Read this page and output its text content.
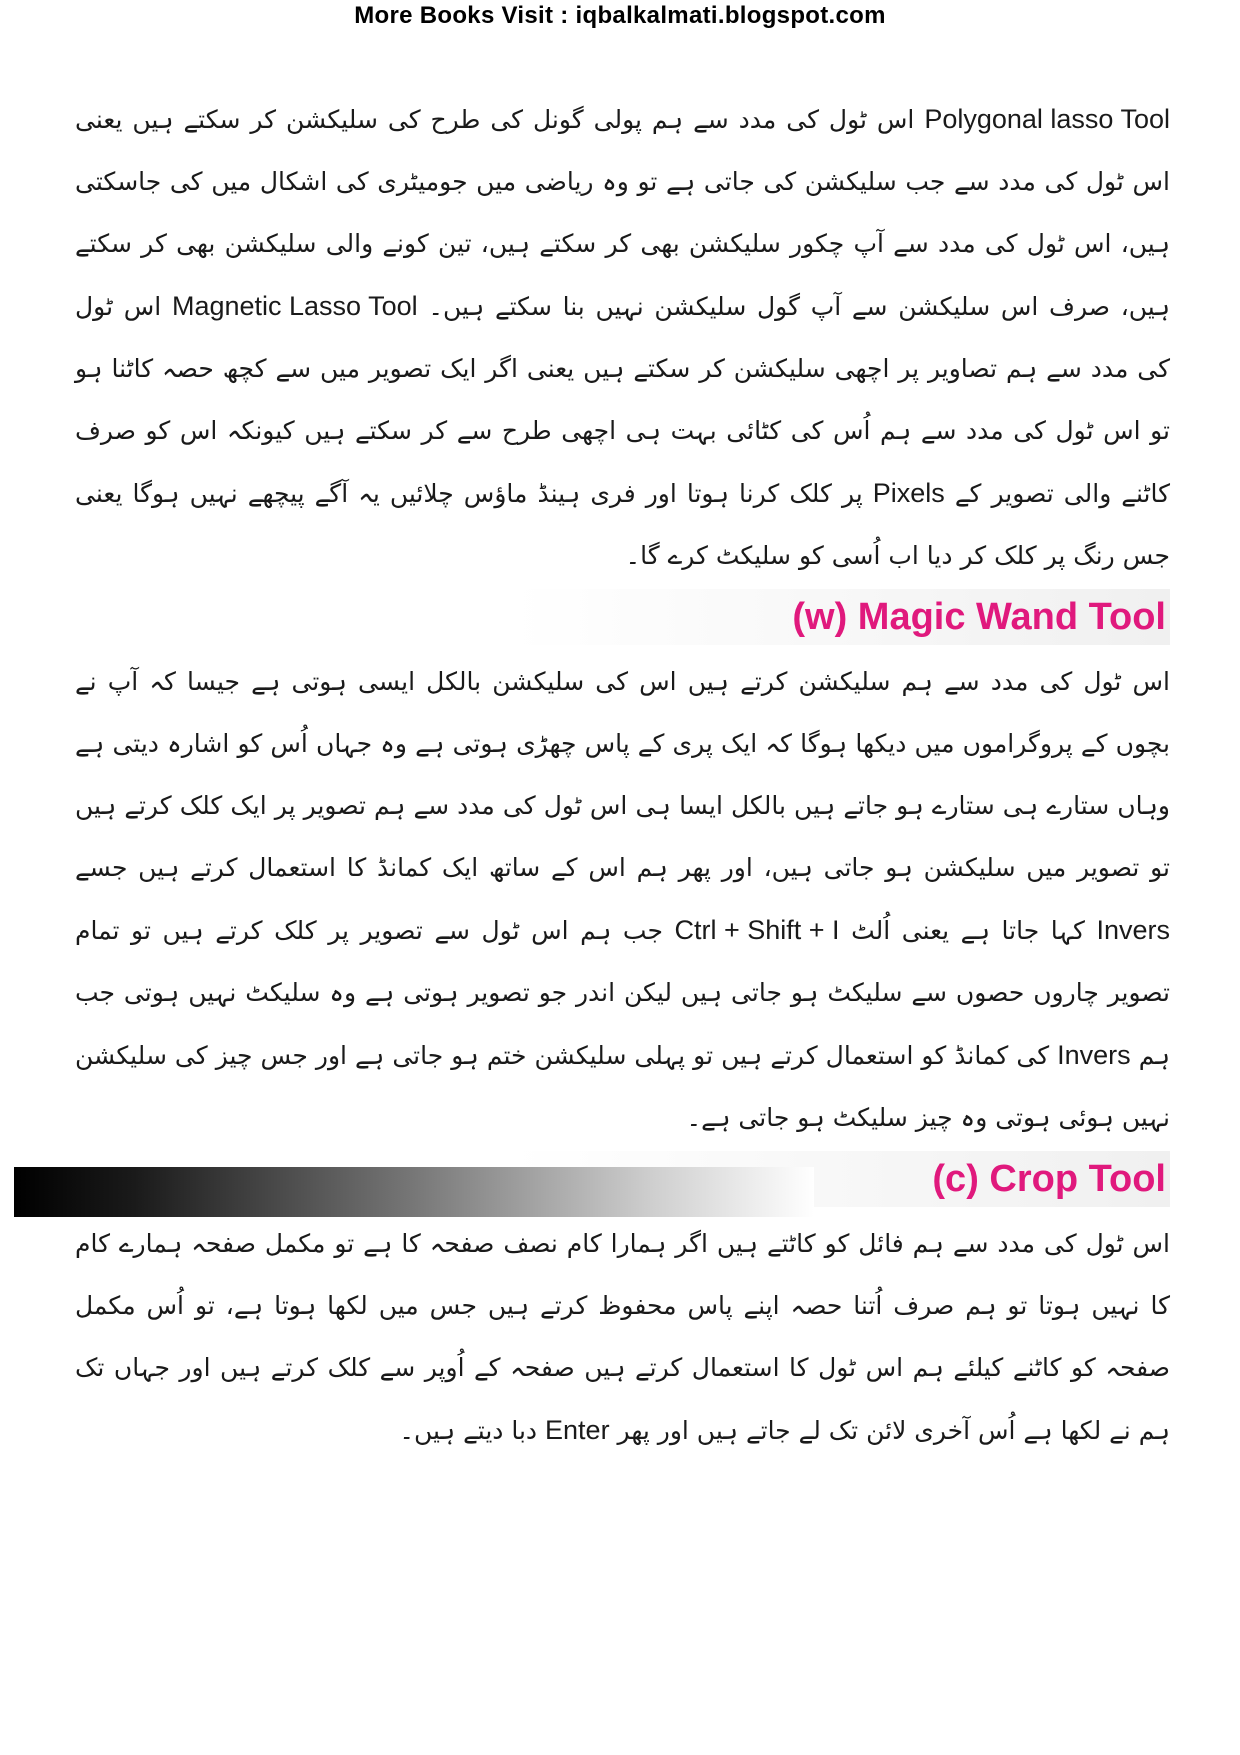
More Books Visit : iqbalkalmati.blogspot.com

Polygonal lasso Tool اس ٹول کی مدد سے ہم پولی گونل کی طرح کی سلیکشن کر سکتے ہیں یعنی اس ٹول کی مدد سے جب سلیکشن کی جاتی ہے تو وہ ریاضی میں جومیٹری کی اشکال میں کی جاسکتی ہیں، اس ٹول کی مدد سے آپ چکور سلیکشن بھی کر سکتے ہیں، تین کونے والی سلیکشن بھی کر سکتے ہیں، صرف اس سلیکشن سے آپ گول سلیکشن نہیں بنا سکتے ہیں۔ Magnetic Lasso Tool اس ٹول کی مدد سے ہم تصاویر پر اچھی سلیکشن کر سکتے ہیں یعنی اگر ایک تصویر میں سے کچھ حصہ کاٹنا ہو تو اس ٹول کی مدد سے ہم اُس کی کٹائی بہت ہی اچھی طرح سے کر سکتے ہیں کیونکہ اس کو صرف کاٹنے والی تصویر کے Pixels پر کلک کرنا ہوتا اور فری ہینڈ ماؤس چلائیں یہ آگے پیچھے نہیں ہوگا یعنی جس رنگ پر کلک کر دیا اب اُسی کو سلیکٹ کرے گا۔

(w) Magic Wand Tool

اس ٹول کی مدد سے ہم سلیکشن کرتے ہیں اس کی سلیکشن بالکل ایسی ہوتی ہے جیسا کہ آپ نے بچوں کے پروگراموں میں دیکھا ہوگا کہ ایک پری کے پاس چھڑی ہوتی ہے وہ جہاں اُس کو اشارہ دیتی ہے وہاں ستارے ہی ستارے ہو جاتے ہیں بالکل ایسا ہی اس ٹول کی مدد سے ہم تصویر پر ایک کلک کرتے ہیں تو تصویر میں سلیکشن ہو جاتی ہیں، اور پھر ہم اس کے ساتھ ایک کمانڈ کا استعمال کرتے ہیں جسے Invers کہا جاتا ہے یعنی اُلٹ Ctrl + Shift + I جب ہم اس ٹول سے تصویر پر کلک کرتے ہیں تو تمام تصویر چاروں حصوں سے سلیکٹ ہو جاتی ہیں لیکن اندر جو تصویر ہوتی ہے وہ سلیکٹ نہیں ہوتی جب ہم Invers کی کمانڈ کو استعمال کرتے ہیں تو پہلی سلیکشن ختم ہو جاتی ہے اور جس چیز کی سلیکشن نہیں ہوئی ہوتی وہ چیز سلیکٹ ہو جاتی ہے۔

(c) Crop Tool

اس ٹول کی مدد سے ہم فائل کو کاٹتے ہیں اگر ہمارا کام نصف صفحہ کا ہے تو مکمل صفحہ ہمارے کام کا نہیں ہوتا تو ہم صرف اُتنا حصہ اپنے پاس محفوظ کرتے ہیں جس میں لکھا ہوتا ہے، تو اُس مکمل صفحہ کو کاٹنے کیلئے ہم اس ٹول کا استعمال کرتے ہیں صفحہ کے اُوپر سے کلک کرتے ہیں اور جہاں تک ہم نے لکھا ہے اُس آخری لائن تک لے جاتے ہیں اور پھر Enter دبا دیتے ہیں۔
